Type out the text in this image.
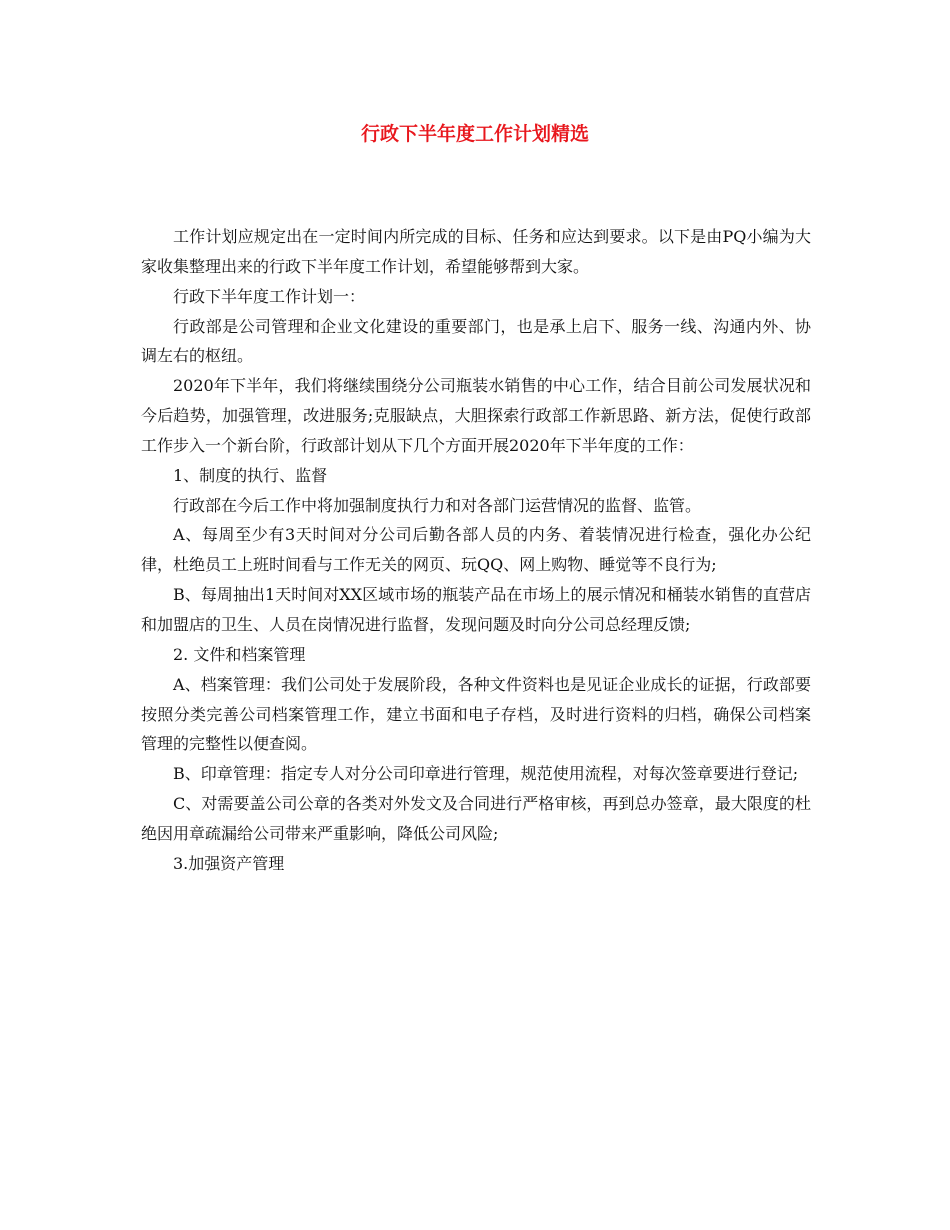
行政下半年度工作计划精选

工作计划应规定出在一定时间内所完成的目标、任务和应达到要求。以下是由PQ小编为大家收集整理出来的行政下半年度工作计划，希望能够帮到大家。

行政下半年度工作计划一：

行政部是公司管理和企业文化建设的重要部门，也是承上启下、服务一线、沟通内外、协调左右的枢纽。

2020年下半年，我们将继续围绕分公司瓶装水销售的中心工作，结合目前公司发展状况和今后趋势，加强管理，改进服务;克服缺点，大胆探索行政部工作新思路、新方法，促使行政部工作步入一个新台阶，行政部计划从下几个方面开展2020年下半年度的工作：

1、制度的执行、监督

行政部在今后工作中将加强制度执行力和对各部门运营情况的监督、监管。

A、每周至少有3天时间对分公司后勤各部人员的内务、着装情况进行检查，强化办公纪律，杜绝员工上班时间看与工作无关的网页、玩QQ、网上购物、睡觉等不良行为;

B、每周抽出1天时间对XX区域市场的瓶装产品在市场上的展示情况和桶装水销售的直营店和加盟店的卫生、人员在岗情况进行监督，发现问题及时向分公司总经理反馈;

2. 文件和档案管理

A、档案管理：我们公司处于发展阶段，各种文件资料也是见证企业成长的证据，行政部要按照分类完善公司档案管理工作，建立书面和电子存档，及时进行资料的归档，确保公司档案管理的完整性以便查阅。

B、印章管理：指定专人对分公司印章进行管理，规范使用流程，对每次签章要进行登记;

C、对需要盖公司公章的各类对外发文及合同进行严格审核，再到总办签章，最大限度的杜绝因用章疏漏给公司带来严重影响，降低公司风险;

3.加强资产管理
